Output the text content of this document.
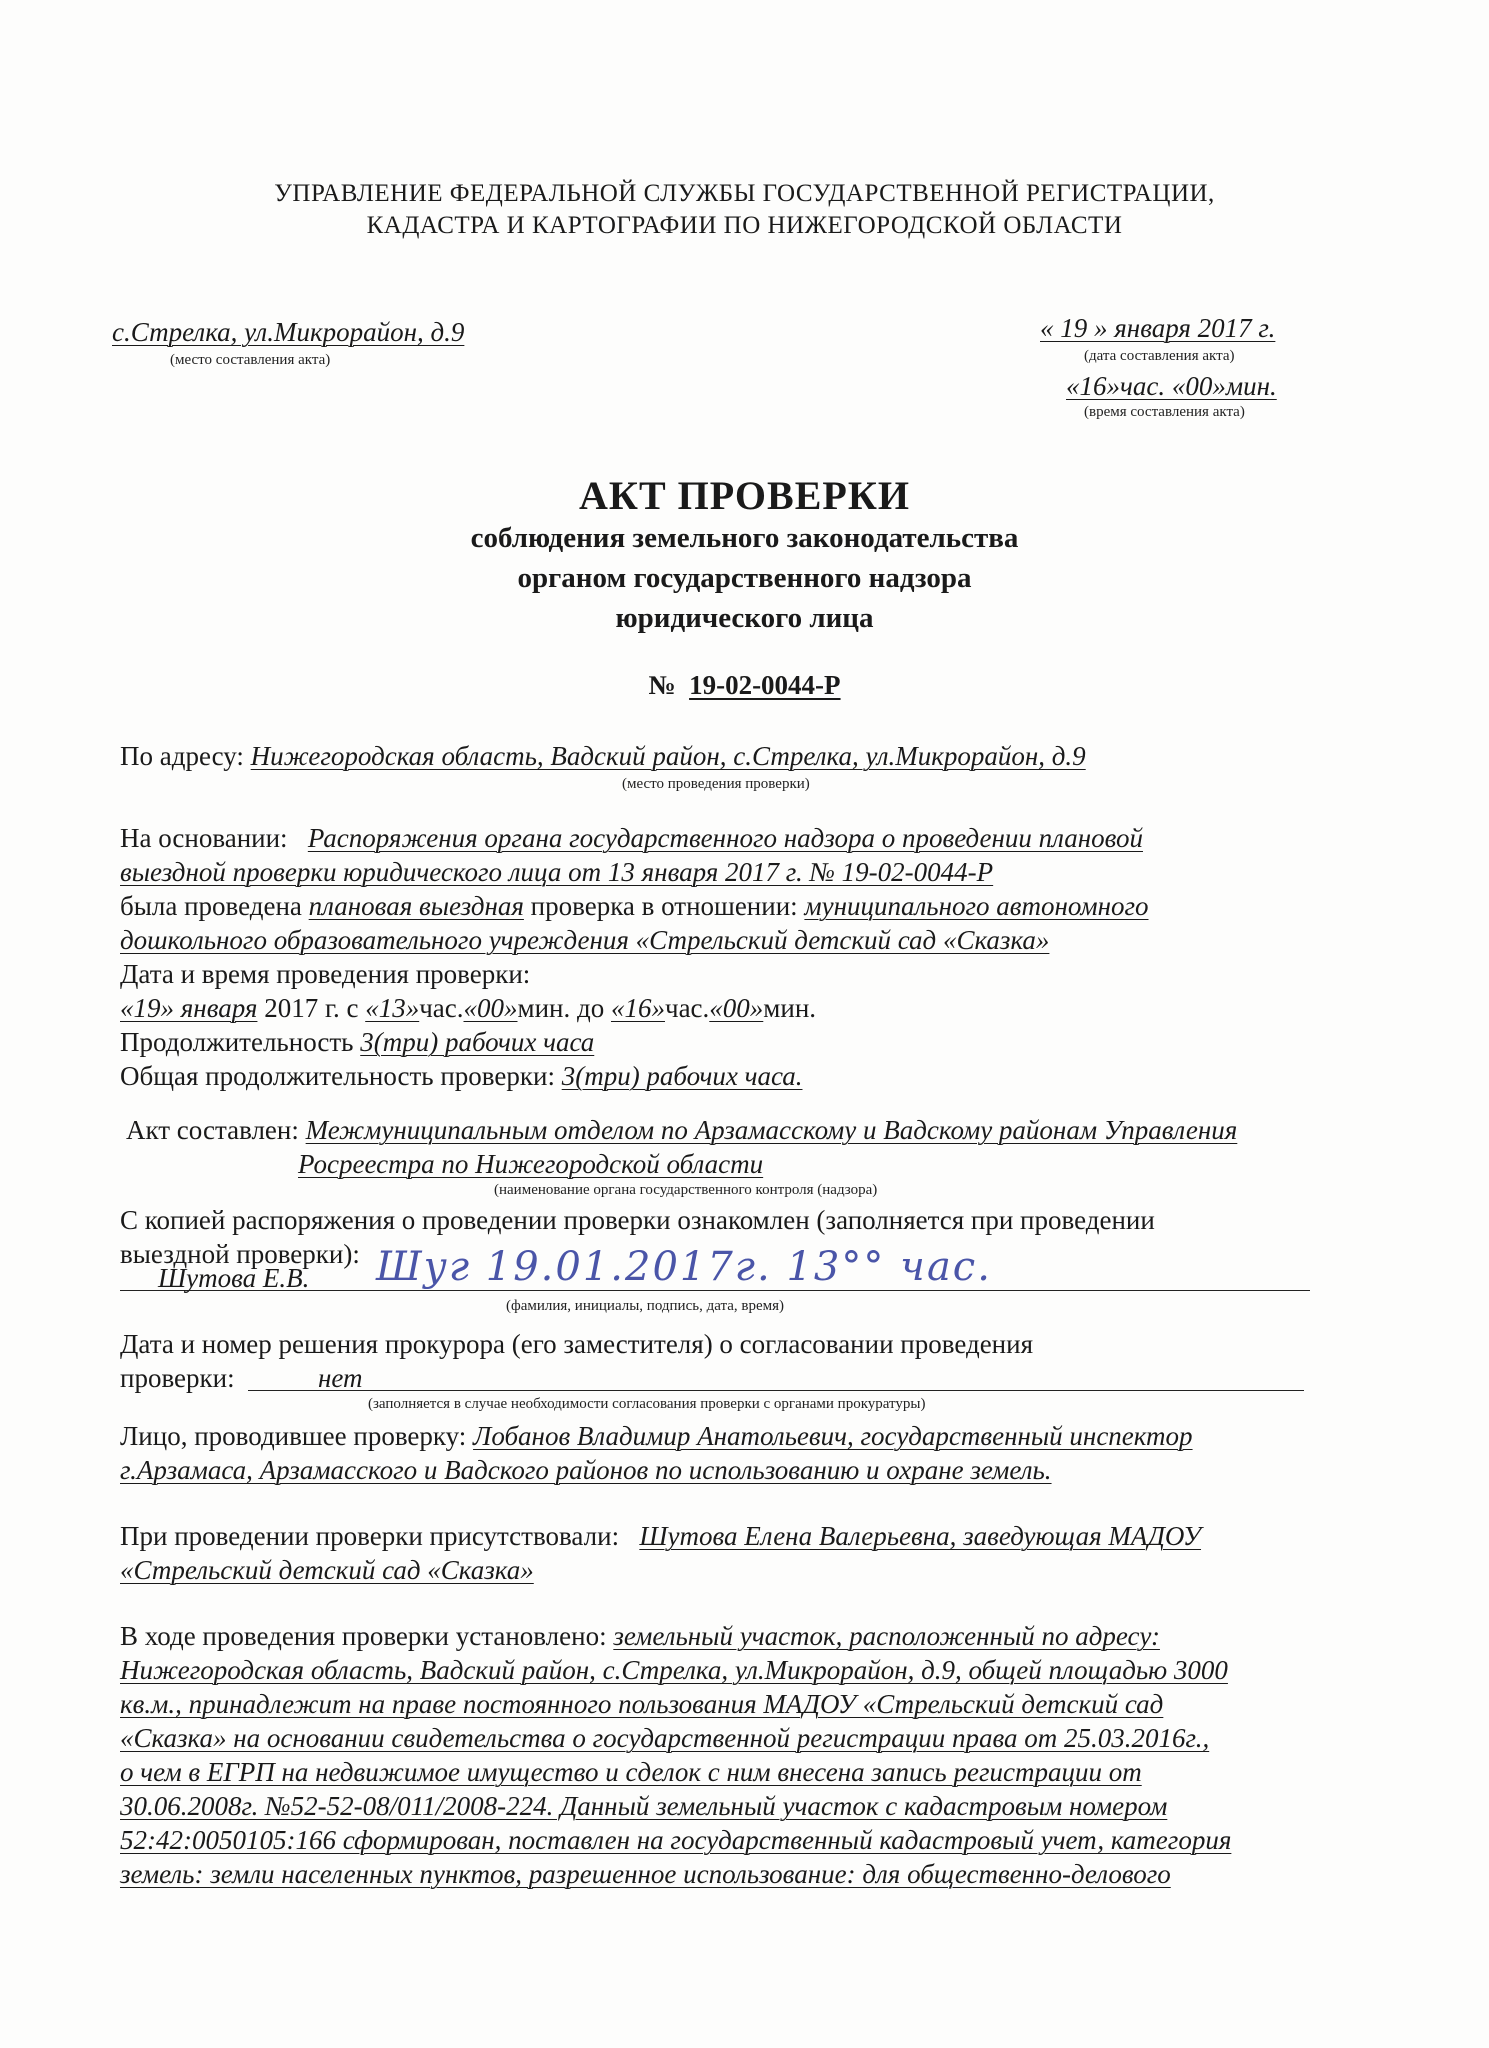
УПРАВЛЕНИЕ ФЕДЕРАЛЬНОЙ СЛУЖБЫ ГОСУДАРСТВЕННОЙ РЕГИСТРАЦИИ,
КАДАСТРА И КАРТОГРАФИИ ПО НИЖЕГОРОДСКОЙ ОБЛАСТИ
с.Стрелка, ул.Микрорайон, д.9
(место составления акта)
« 19 » января 2017 г.
(дата составления акта)
«16»час. «00»мин.
(время составления акта)
АКТ ПРОВЕРКИ
соблюдения земельного законодательства
органом государственного надзора
юридического лица
№ 19-02-0044-Р
По адресу: Нижегородская область, Вадский район, с.Стрелка, ул.Микрорайон, д.9
(место проведения проверки)
На основании: Распоряжения органа государственного надзора о проведении плановой
выездной проверки юридического лица от 13 января 2017 г. № 19-02-0044-Р
была проведена плановая выездная проверка в отношении: муниципального автономного
дошкольного образовательного учреждения «Стрельский детский сад «Сказка»
Дата и время проведения проверки:
«19» января 2017 г. с «13»час.«00»мин. до «16»час.«00»мин.
Продолжительность 3(три) рабочих часа
Общая продолжительность проверки: 3(три) рабочих часа.
Акт составлен: Межмуниципальным отделом по Арзамасскому и Вадскому районам Управления
Росреестра по Нижегородской области
(наименование органа государственного контроля (надзора)
С копией распоряжения о проведении проверки ознакомлен (заполняется при проведении
выездной проверки):
Шутова Е.В. Шуг 19.01.2017г. 13°° час.
(фамилия, инициалы, подпись, дата, время)
Дата и номер решения прокурора (его заместителя) о согласовании проведения
проверки:	нет
(заполняется в случае необходимости согласования проверки с органами прокуратуры)
Лицо, проводившее проверку: Лобанов Владимир Анатольевич, государственный инспектор
г.Арзамаса, Арзамасского и Вадского районов по использованию и охране земель.
При проведении проверки присутствовали: Шутова Елена Валерьевна, заведующая МАДОУ
«Стрельский детский сад «Сказка»
В ходе проведения проверки установлено: земельный участок, расположенный по адресу:
Нижегородская область, Вадский район, с.Стрелка, ул.Микрорайон, д.9, общей площадью 3000
кв.м., принадлежит на праве постоянного пользования МАДОУ «Стрельский детский сад
«Сказка» на основании свидетельства о государственной регистрации права от 25.03.2016г.,
о чем в ЕГРП на недвижимое имущество и сделок с ним внесена запись регистрации от
30.06.2008г. №52-52-08/011/2008-224. Данный земельный участок с кадастровым номером
52:42:0050105:166 сформирован, поставлен на государственный кадастровый учет, категория
земель: земли населенных пунктов, разрешенное использование: для общественно-делового
